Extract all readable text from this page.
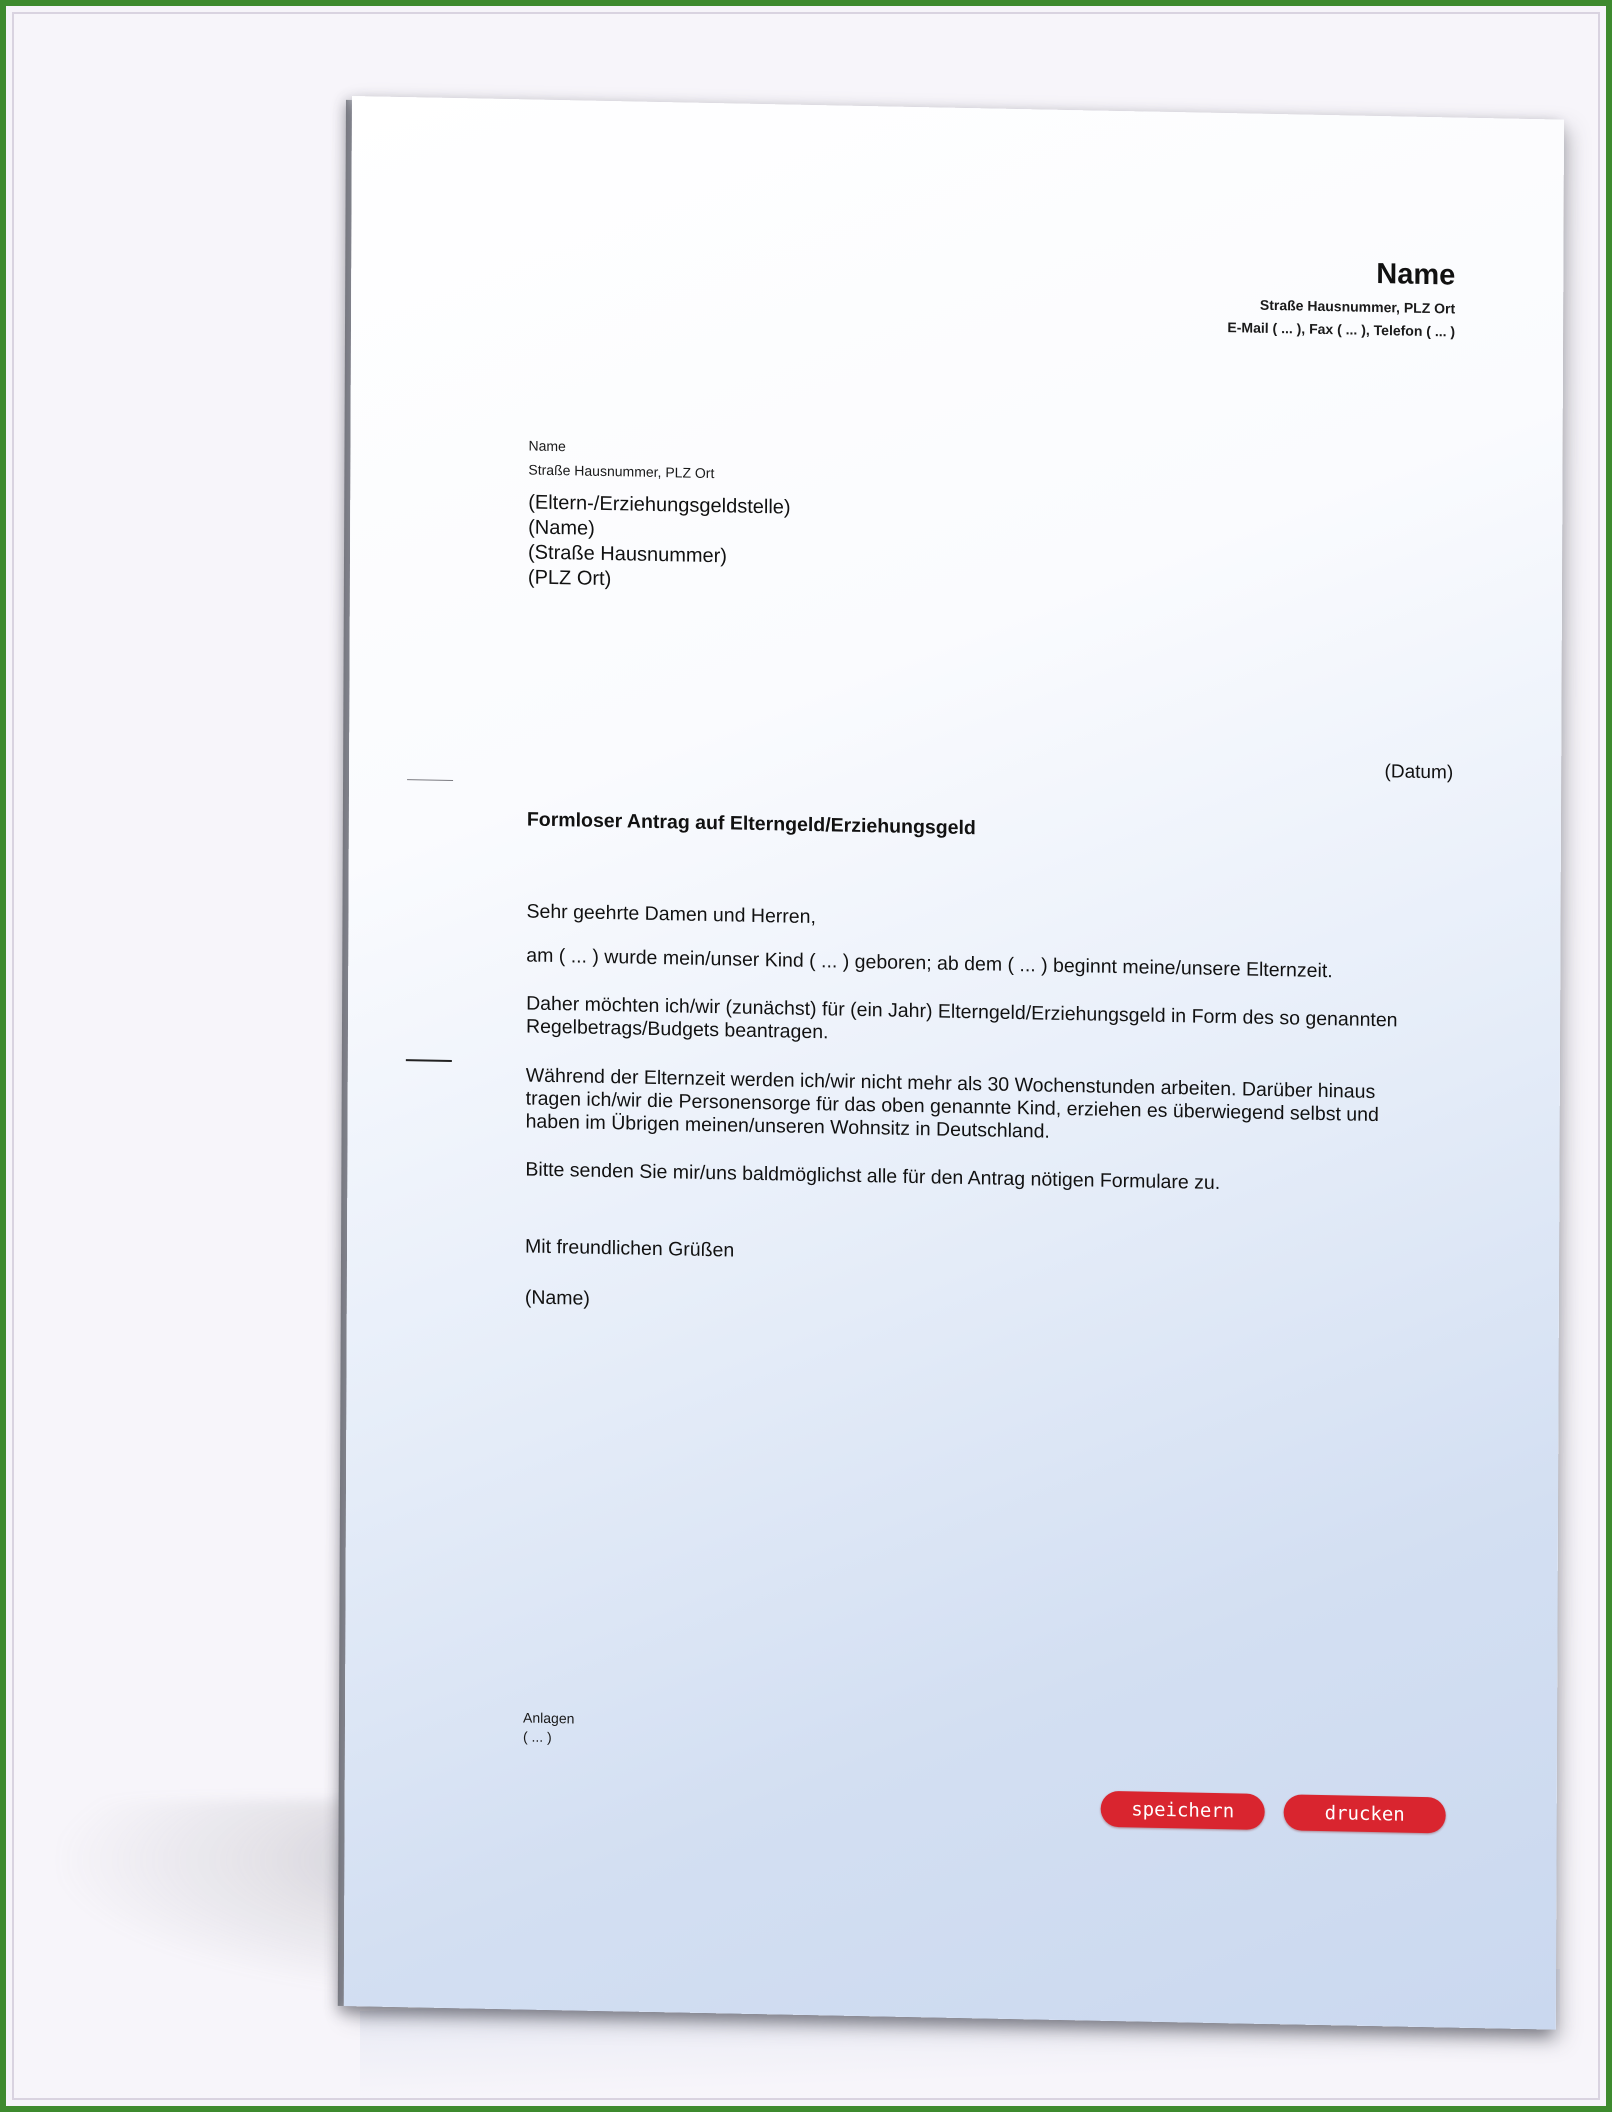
Name
Straße Hausnummer, PLZ Ort
E-Mail ( ... ), Fax ( ... ), Telefon ( ... )
Name
Straße Hausnummer, PLZ Ort
(Eltern-/Erziehungsgeldstelle)
(Name)
(Straße Hausnummer)
(PLZ Ort)
(Datum)
Formloser Antrag auf Elterngeld/Erziehungsgeld
Sehr geehrte Damen und Herren,
am ( ... ) wurde mein/unser Kind ( ... ) geboren; ab dem ( ... ) beginnt meine/unsere Elternzeit.
Daher möchten ich/wir (zunächst) für (ein Jahr) Elterngeld/Erziehungsgeld in Form des so genannten Regelbetrags/Budgets beantragen.
Während der Elternzeit werden ich/wir nicht mehr als 30 Wochenstunden arbeiten. Darüber hinaus tragen ich/wir die Personensorge für das oben genannte Kind, erziehen es überwiegend selbst und haben im Übrigen meinen/unseren Wohnsitz in Deutschland.
Bitte senden Sie mir/uns baldmöglichst alle für den Antrag nötigen Formulare zu.
Mit freundlichen Grüßen
(Name)
Anlagen
( ... )
speichern	drucken
